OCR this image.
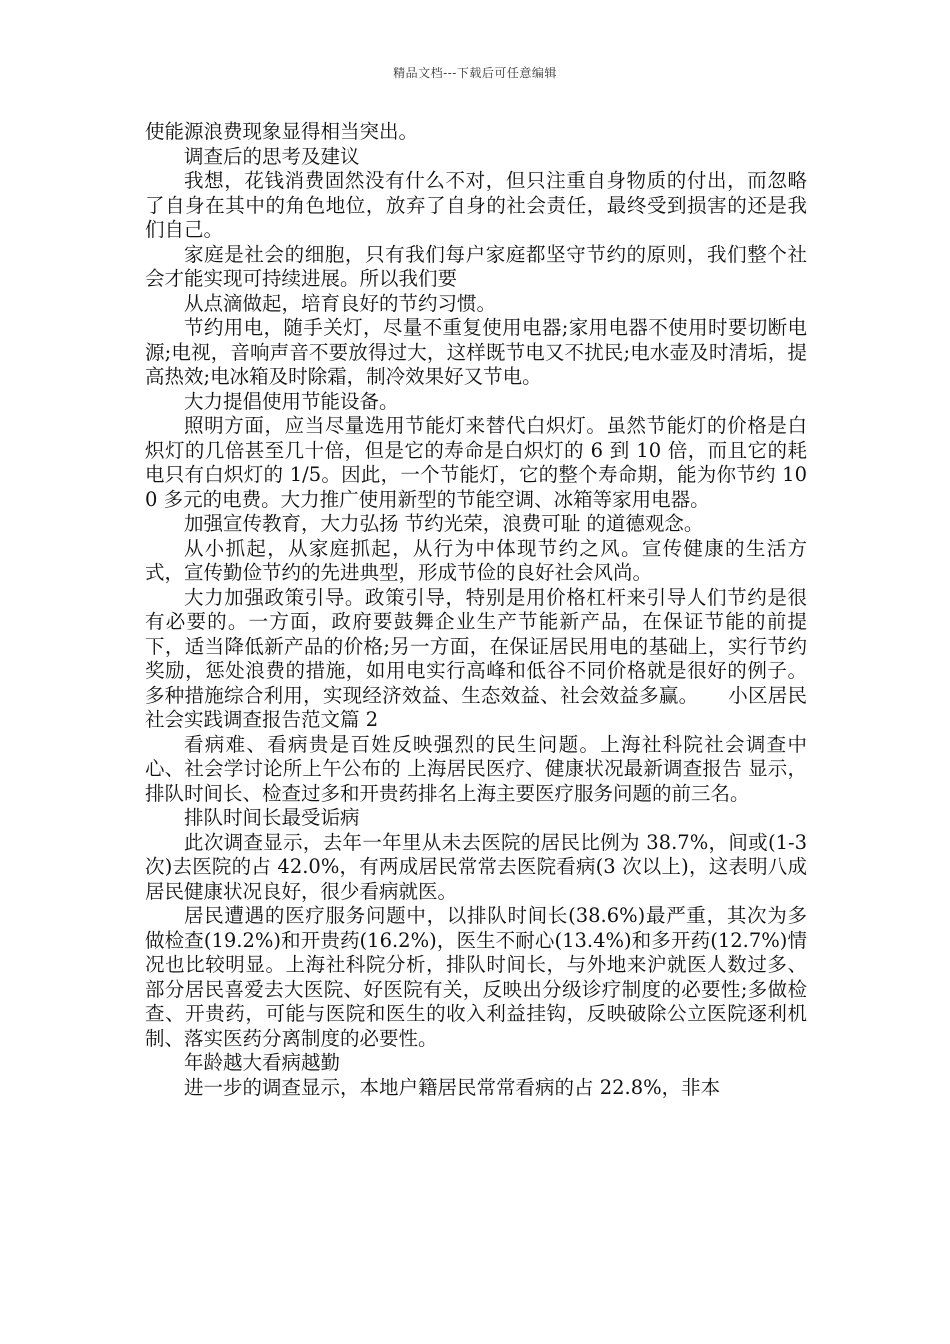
精品文档---下载后可任意编辑

使能源浪费现象显得相当突出。

调查后的思考及建议

我想，花钱消费固然没有什么不对，但只注重自身物质的付出，而忽略了自身在其中的角色地位，放弃了自身的社会责任，最终受到损害的还是我们自己。

家庭是社会的细胞，只有我们每户家庭都坚守节约的原则，我们整个社会才能实现可持续进展。所以我们要

从点滴做起，培育良好的节约习惯。

节约用电，随手关灯，尽量不重复使用电器;家用电器不使用时要切断电源;电视，音响声音不要放得过大，这样既节电又不扰民;电水壶及时清垢，提高热效;电冰箱及时除霜，制冷效果好又节电。

大力提倡使用节能设备。

照明方面，应当尽量选用节能灯来替代白炽灯。虽然节能灯的价格是白炽灯的几倍甚至几十倍，但是它的寿命是白炽灯的 6 到 10 倍，而且它的耗电只有白炽灯的 1/5。因此，一个节能灯，它的整个寿命期，能为你节约 100 多元的电费。大力推广使用新型的节能空调、冰箱等家用电器。

加强宣传教育，大力弘扬 节约光荣，浪费可耻 的道德观念。

从小抓起，从家庭抓起，从行为中体现节约之风。宣传健康的生活方式，宣传勤俭节约的先进典型，形成节俭的良好社会风尚。

大力加强政策引导。政策引导，特别是用价格杠杆来引导人们节约是很有必要的。一方面，政府要鼓舞企业生产节能新产品，在保证节能的前提下，适当降低新产品的价格;另一方面，在保证居民用电的基础上，实行节约奖励，惩处浪费的措施，如用电实行高峰和低谷不同价格就是很好的例子。多种措施综合利用，实现经济效益、生态效益、社会效益多赢。　　小区居民社会实践调查报告范文篇 2

看病难、看病贵是百姓反映强烈的民生问题。上海社科院社会调查中心、社会学讨论所上午公布的 上海居民医疗、健康状况最新调查报告 显示，排队时间长、检查过多和开贵药排名上海主要医疗服务问题的前三名。

排队时间长最受诟病

此次调查显示，去年一年里从未去医院的居民比例为 38.7%，间或(1-3 次)去医院的占 42.0%，有两成居民常常去医院看病(3 次以上)，这表明八成居民健康状况良好，很少看病就医。

居民遭遇的医疗服务问题中，以排队时间长(38.6%)最严重，其次为多做检查(19.2%)和开贵药(16.2%)，医生不耐心(13.4%)和多开药(12.7%)情况也比较明显。上海社科院分析，排队时间长，与外地来沪就医人数过多、部分居民喜爱去大医院、好医院有关，反映出分级诊疗制度的必要性;多做检查、开贵药，可能与医院和医生的收入利益挂钩，反映破除公立医院逐利机制、落实医药分离制度的必要性。

年龄越大看病越勤

进一步的调查显示，本地户籍居民常常看病的占 22.8%，非本
